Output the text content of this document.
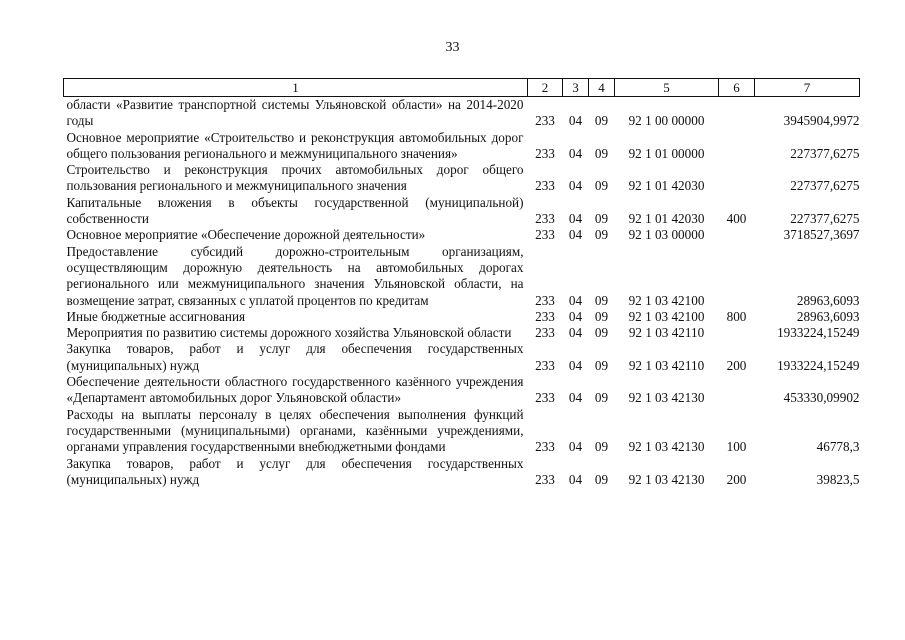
33
1	2	3	4	5	6	7
области «Развитие транспортной системы Ульяновской области» на 2014-2020 годы	233	04	09	92 1 00 00000		3945904,9972
Основное мероприятие «Строительство и реконструкция автомобильных дорог общего пользования регионального и межмуниципального значения»	233	04	09	92 1 01 00000		227377,6275
Строительство и реконструкция прочих автомобильных дорог общего пользования регионального и межмуниципального значения	233	04	09	92 1 01 42030		227377,6275
Капитальные вложения в объекты государственной (муниципальной) собственности	233	04	09	92 1 01 42030	400	227377,6275
Основное мероприятие «Обеспечение дорожной деятельности»	233	04	09	92 1 03 00000		3718527,3697
Предоставление субсидий дорожно-строительным организациям, осуществляющим дорожную деятельность на автомобильных дорогах регионального или межмуниципального значения Ульяновской области, на возмещение затрат, связанных с уплатой процентов по кредитам	233	04	09	92 1 03 42100		28963,6093
Иные бюджетные ассигнования	233	04	09	92 1 03 42100	800	28963,6093
Мероприятия по развитию системы дорожного хозяйства Ульяновской области	233	04	09	92 1 03 42110		1933224,15249
Закупка товаров, работ и услуг для обеспечения государственных (муниципальных) нужд	233	04	09	92 1 03 42110	200	1933224,15249
Обеспечение деятельности областного государственного казённого учреждения «Департамент автомобильных дорог Ульяновской области»	233	04	09	92 1 03 42130		453330,09902
Расходы на выплаты персоналу в целях обеспечения выполнения функций государственными (муниципальными) органами, казёнными учреждениями, органами управления государственными внебюджетными фондами	233	04	09	92 1 03 42130	100	46778,3
Закупка товаров, работ и услуг для обеспечения государственных (муниципальных) нужд	233	04	09	92 1 03 42130	200	39823,5
